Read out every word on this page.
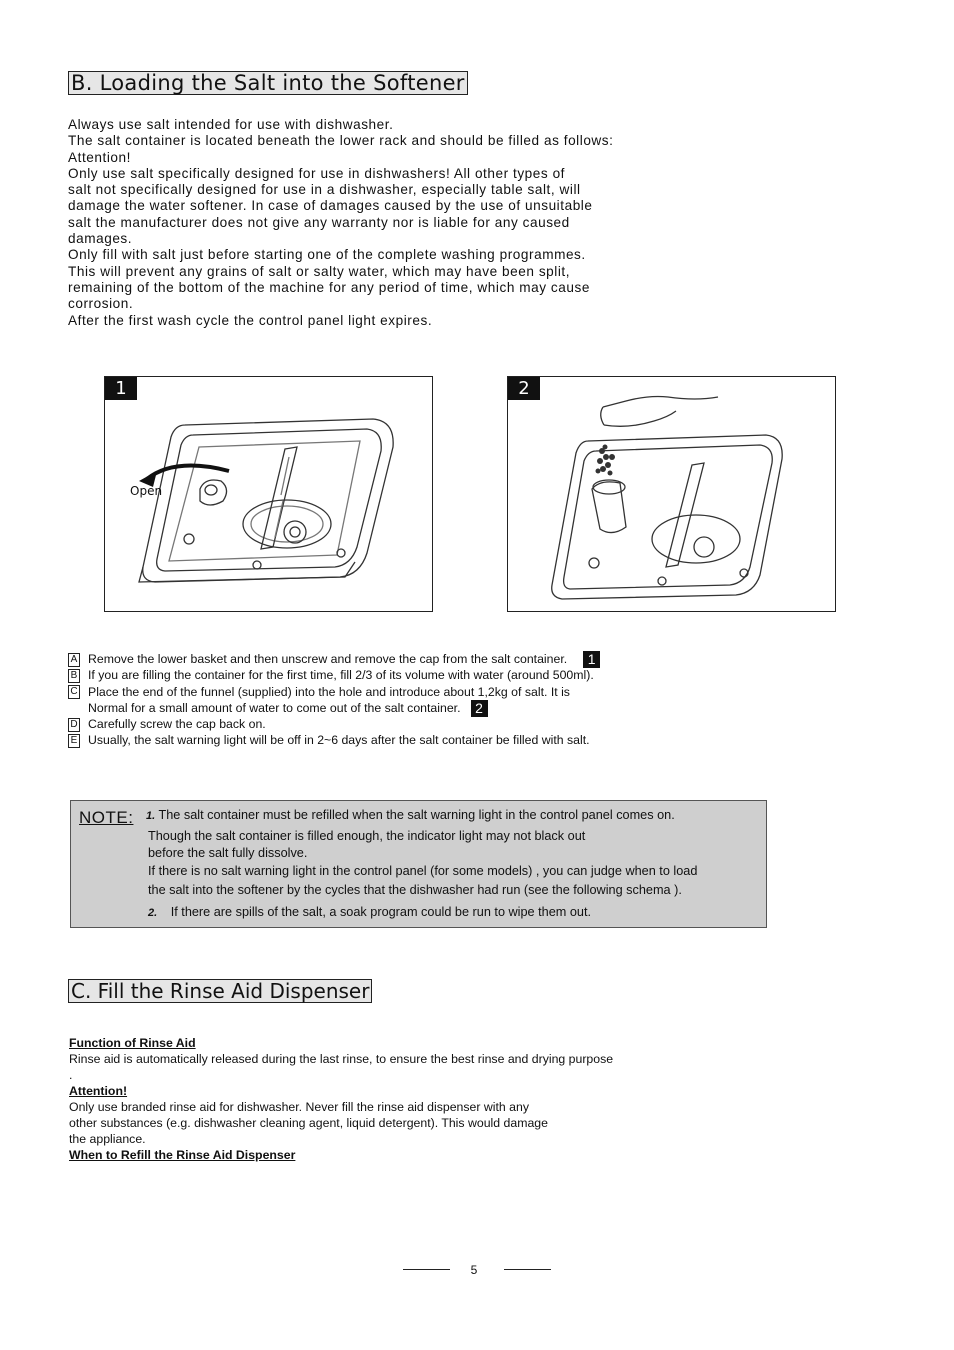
B. Loading the Salt into the Softener
Always use salt intended for use with dishwasher.
The salt container is located beneath the lower rack and should be filled as follows:
Attention!
Only use salt specifically designed for use in dishwashers! All other types of
salt not specifically designed for use in a dishwasher, especially table salt, will
damage the water softener. In case of damages caused by the use of unsuitable
salt the manufacturer does not give any warranty nor is liable for any caused
damages.
Only fill with salt just before starting one of the complete washing programmes.
This will prevent any grains of salt or salty water, which may have been split,
remaining of the bottom of the machine for any period of time, which may cause
corrosion.
After the first wash cycle the control panel light expires.
1
Open
2
A Remove the lower basket and then unscrew and remove the cap from the salt container. 1
B If you are filling the container for the first time, fill 2/3 of its volume with water (around 500ml).
C Place the end of the funnel (supplied) into the hole and introduce about 1,2kg of salt. It is
Normal for a small amount of water to come out of the salt container. 2
D Carefully screw the cap back on.
E Usually, the salt warning light will be off in 2~6 days after the salt container be filled with salt.
NOTE: 1. The salt container must be refilled when the salt warning light in the control panel comes on.
Though the salt container is filled enough, the indicator light may not black out
before the salt fully dissolve.
If there is no salt warning light in the control panel (for some models) , you can judge when to load
the salt into the softener by the cycles that the dishwasher had run (see the following schema ).
2. If there are spills of the salt, a soak program could be run to wipe them out.
C. Fill the Rinse Aid Dispenser
Function of Rinse Aid
Rinse aid is automatically released during the last rinse, to ensure the best rinse and drying purpose
.
Attention!
Only use branded rinse aid for dishwasher. Never fill the rinse aid dispenser with any
other substances (e.g. dishwasher cleaning agent, liquid detergent). This would damage
the appliance.
When to Refill the Rinse Aid Dispenser
5
